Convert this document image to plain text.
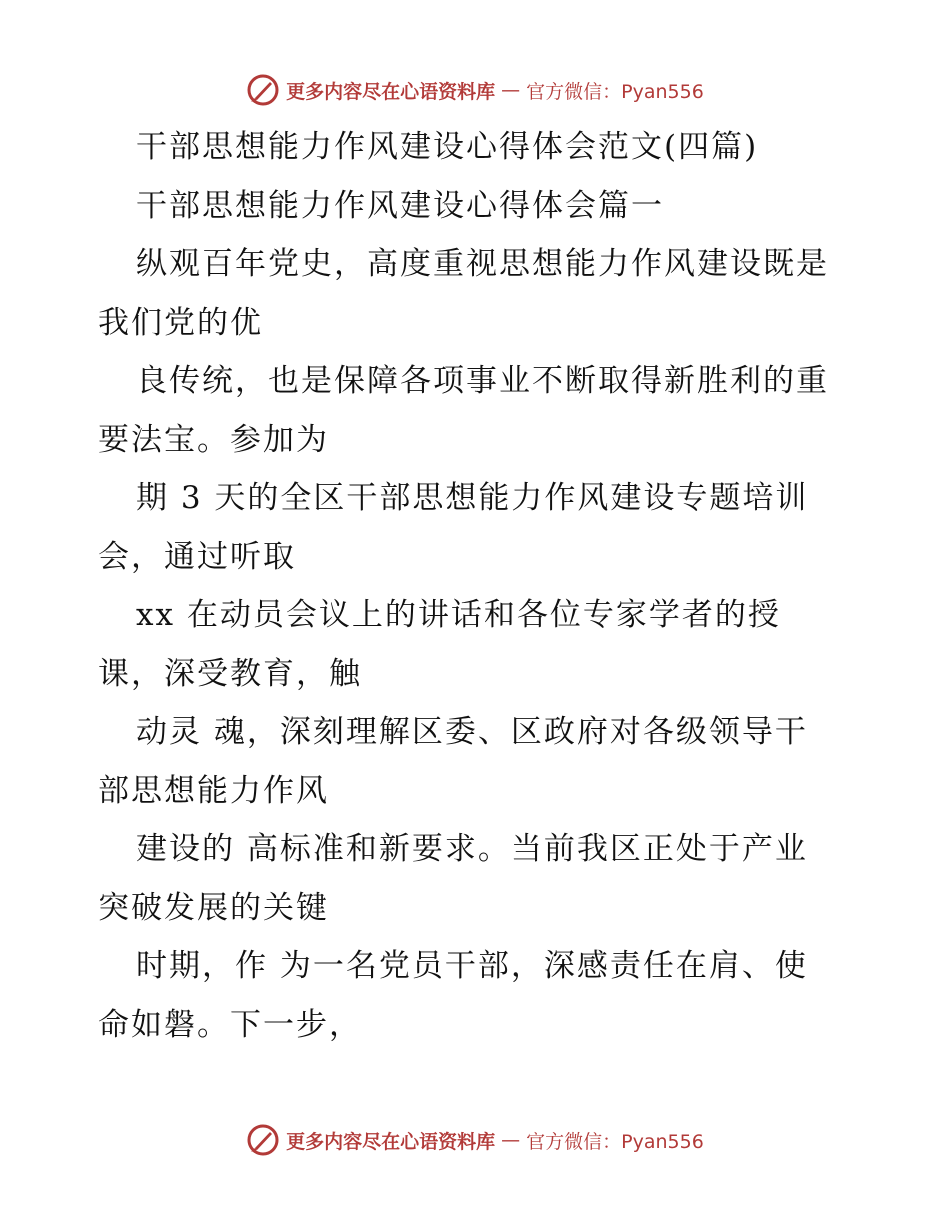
更多内容尽在心语资料库 — 官方微信：Pyan556

干部思想能力作风建设心得体会范文(四篇)

干部思想能力作风建设心得体会篇一

纵观百年党史，高度重视思想能力作风建设既是

我们党的优

良传统，也是保障各项事业不断取得新胜利的重

要法宝。参加为

期 3 天的全区干部思想能力作风建设专题培训

会，通过听取

xx 在动员会议上的讲话和各位专家学者的授

课，深受教育，触

动灵 魂，深刻理解区委、区政府对各级领导干

部思想能力作风

建设的 高标准和新要求。当前我区正处于产业

突破发展的关键

时期，作 为一名党员干部，深感责任在肩、使

命如磐。下一步，

更多内容尽在心语资料库 — 官方微信：Pyan556
